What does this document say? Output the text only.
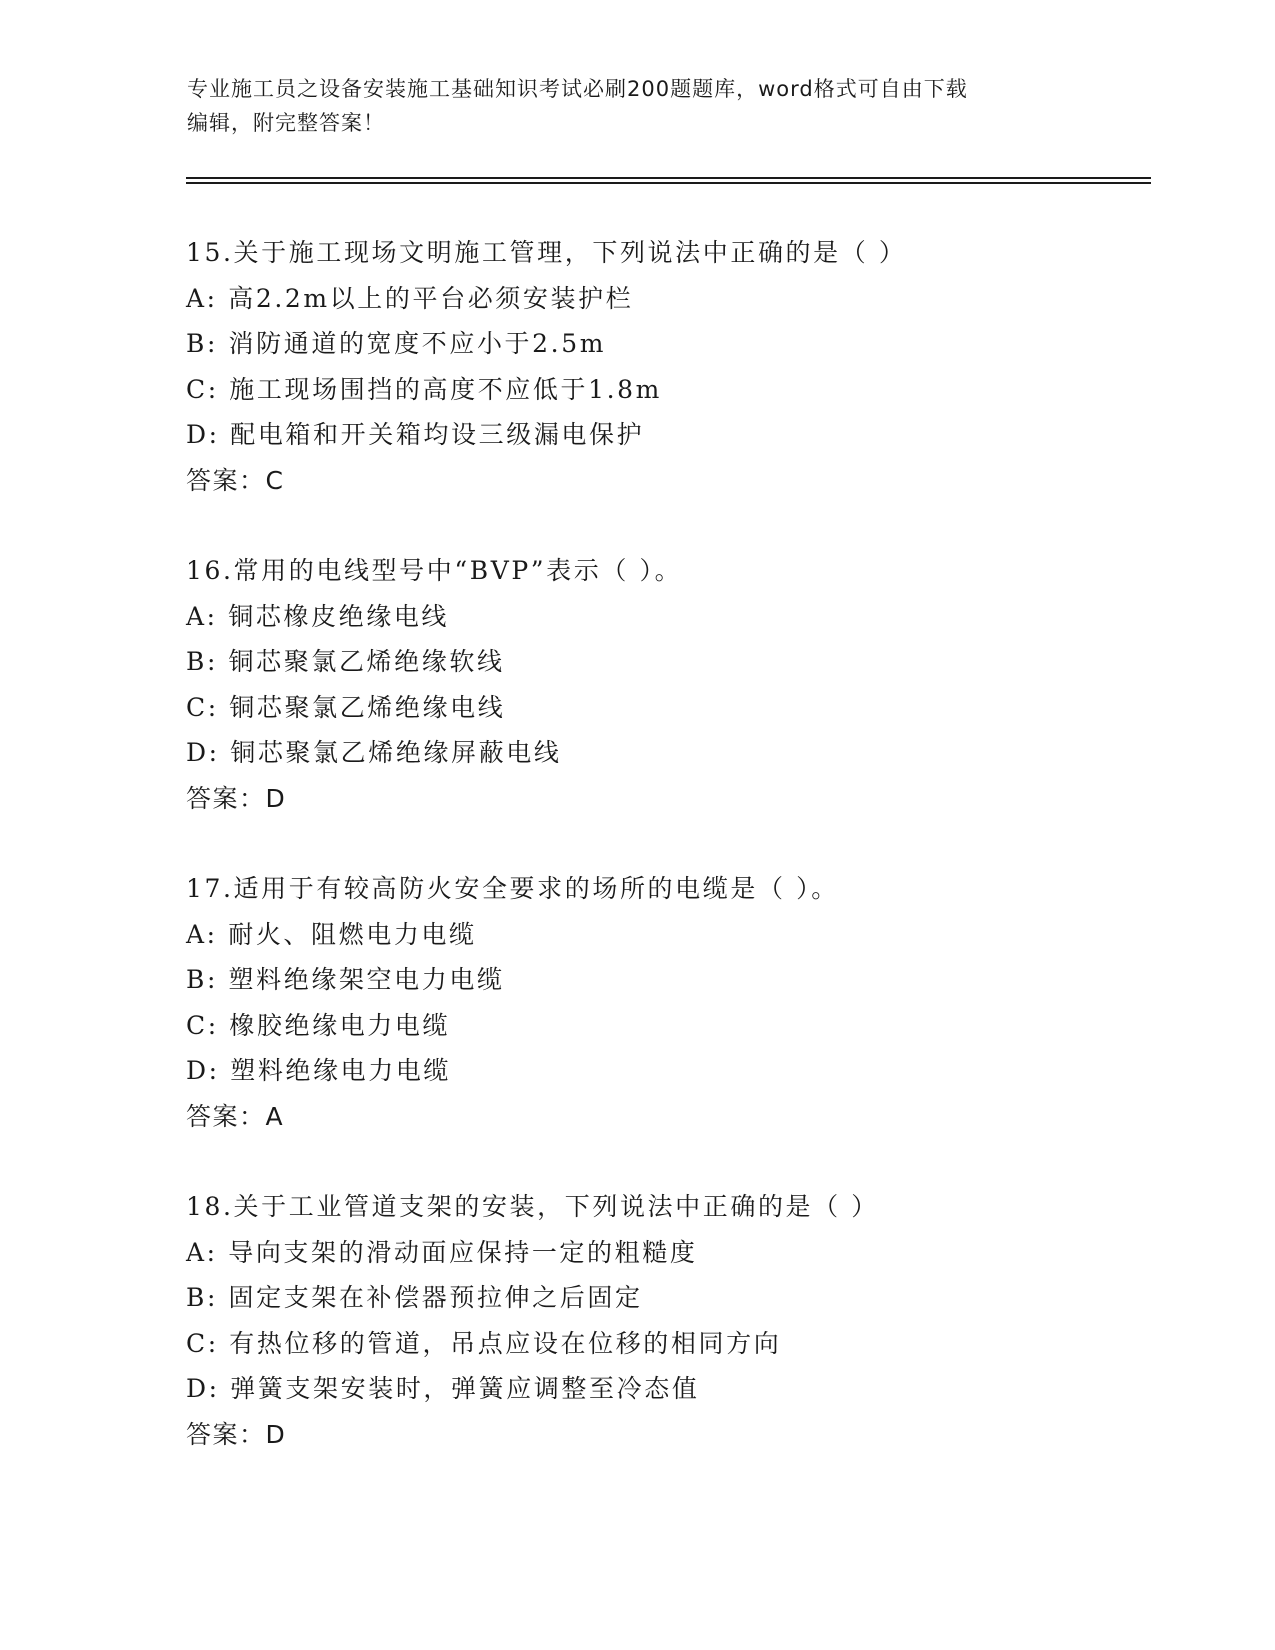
专业施工员之设备安装施工基础知识考试必刷200题题库，word格式可自由下载
编辑，附完整答案！
15.关于施工现场文明施工管理，下列说法中正确的是（ ）
A: 高2.2m以上的平台必须安装护栏
B: 消防通道的宽度不应小于2.5m
C: 施工现场围挡的高度不应低于1.8m
D: 配电箱和开关箱均设三级漏电保护
答案：C
16.常用的电线型号中“BVP”表示（ ）。
A: 铜芯橡皮绝缘电线
B: 铜芯聚氯乙烯绝缘软线
C: 铜芯聚氯乙烯绝缘电线
D: 铜芯聚氯乙烯绝缘屏蔽电线
答案：D
17.适用于有较高防火安全要求的场所的电缆是（ ）。
A: 耐火、阻燃电力电缆
B: 塑料绝缘架空电力电缆
C: 橡胶绝缘电力电缆
D: 塑料绝缘电力电缆
答案：A
18.关于工业管道支架的安装，下列说法中正确的是（ ）
A: 导向支架的滑动面应保持一定的粗糙度
B: 固定支架在补偿器预拉伸之后固定
C: 有热位移的管道，吊点应设在位移的相同方向
D: 弹簧支架安装时，弹簧应调整至冷态值
答案：D
